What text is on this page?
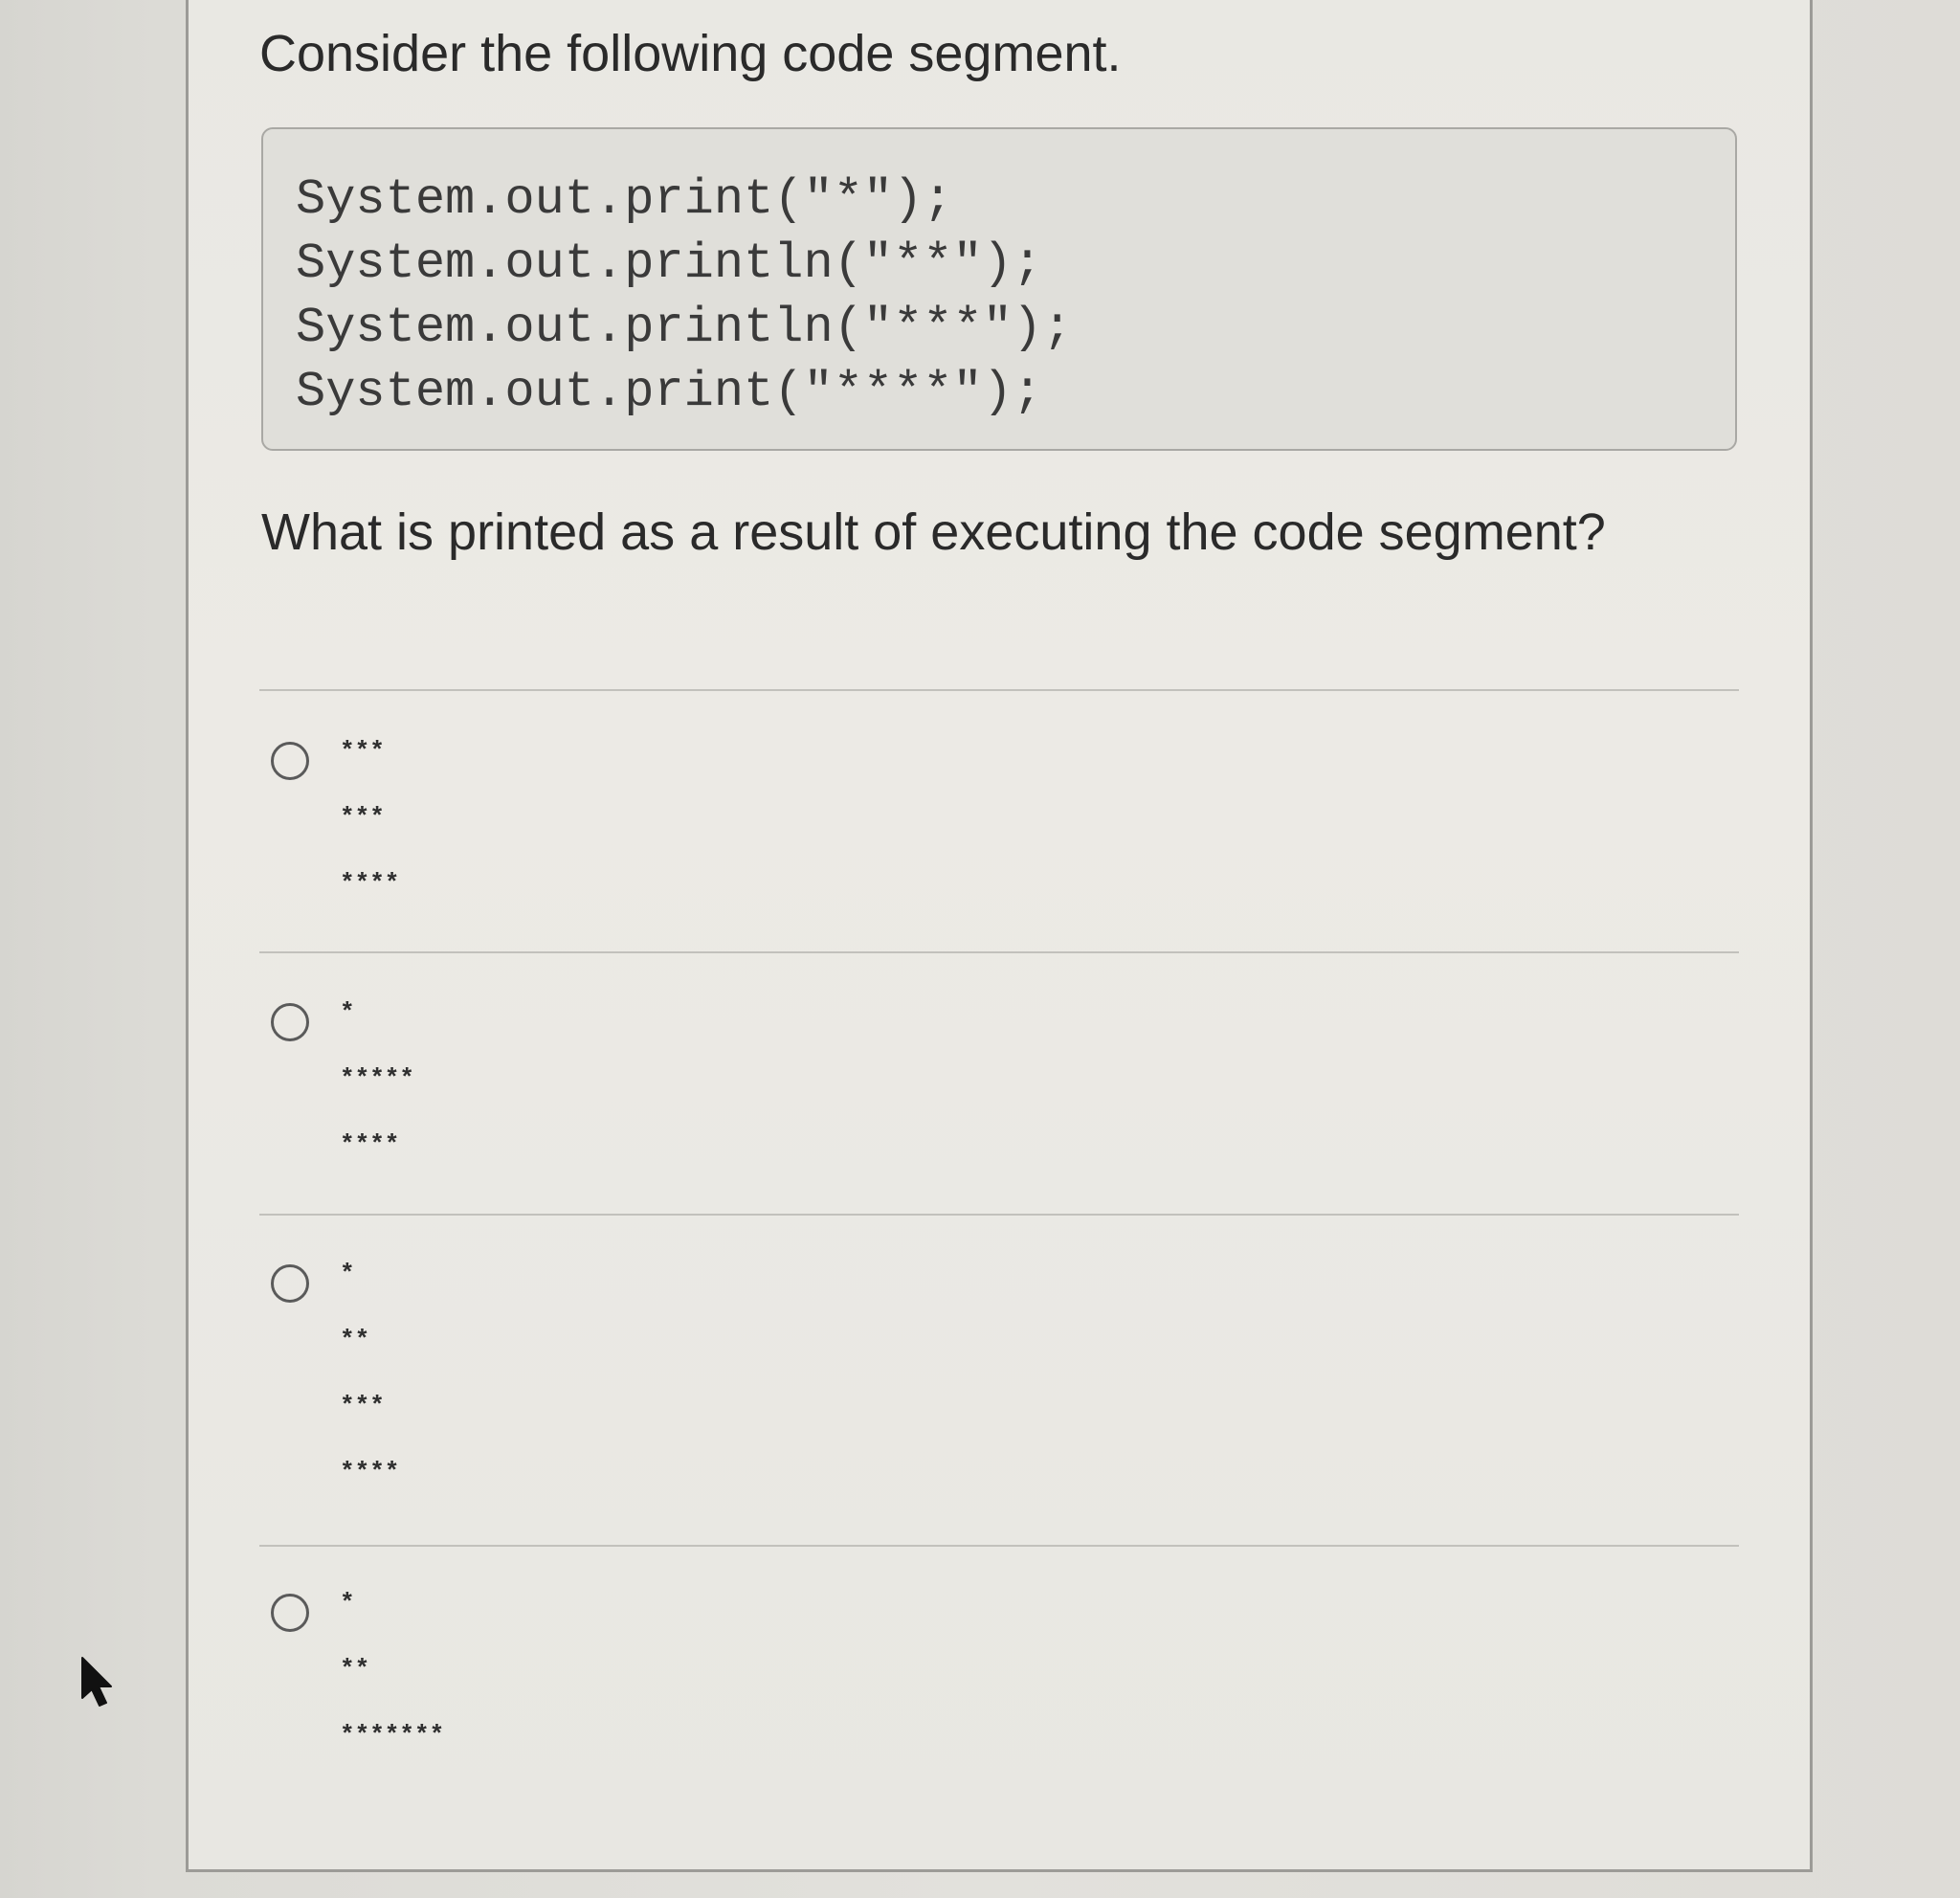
Consider the following code segment.
System.out.print("*");
System.out.println("**");
System.out.println("***");
System.out.print("****");
What is printed as a result of executing the code segment?
***
***
****
*
*****
****
*
**
***
****
*
**
*******
